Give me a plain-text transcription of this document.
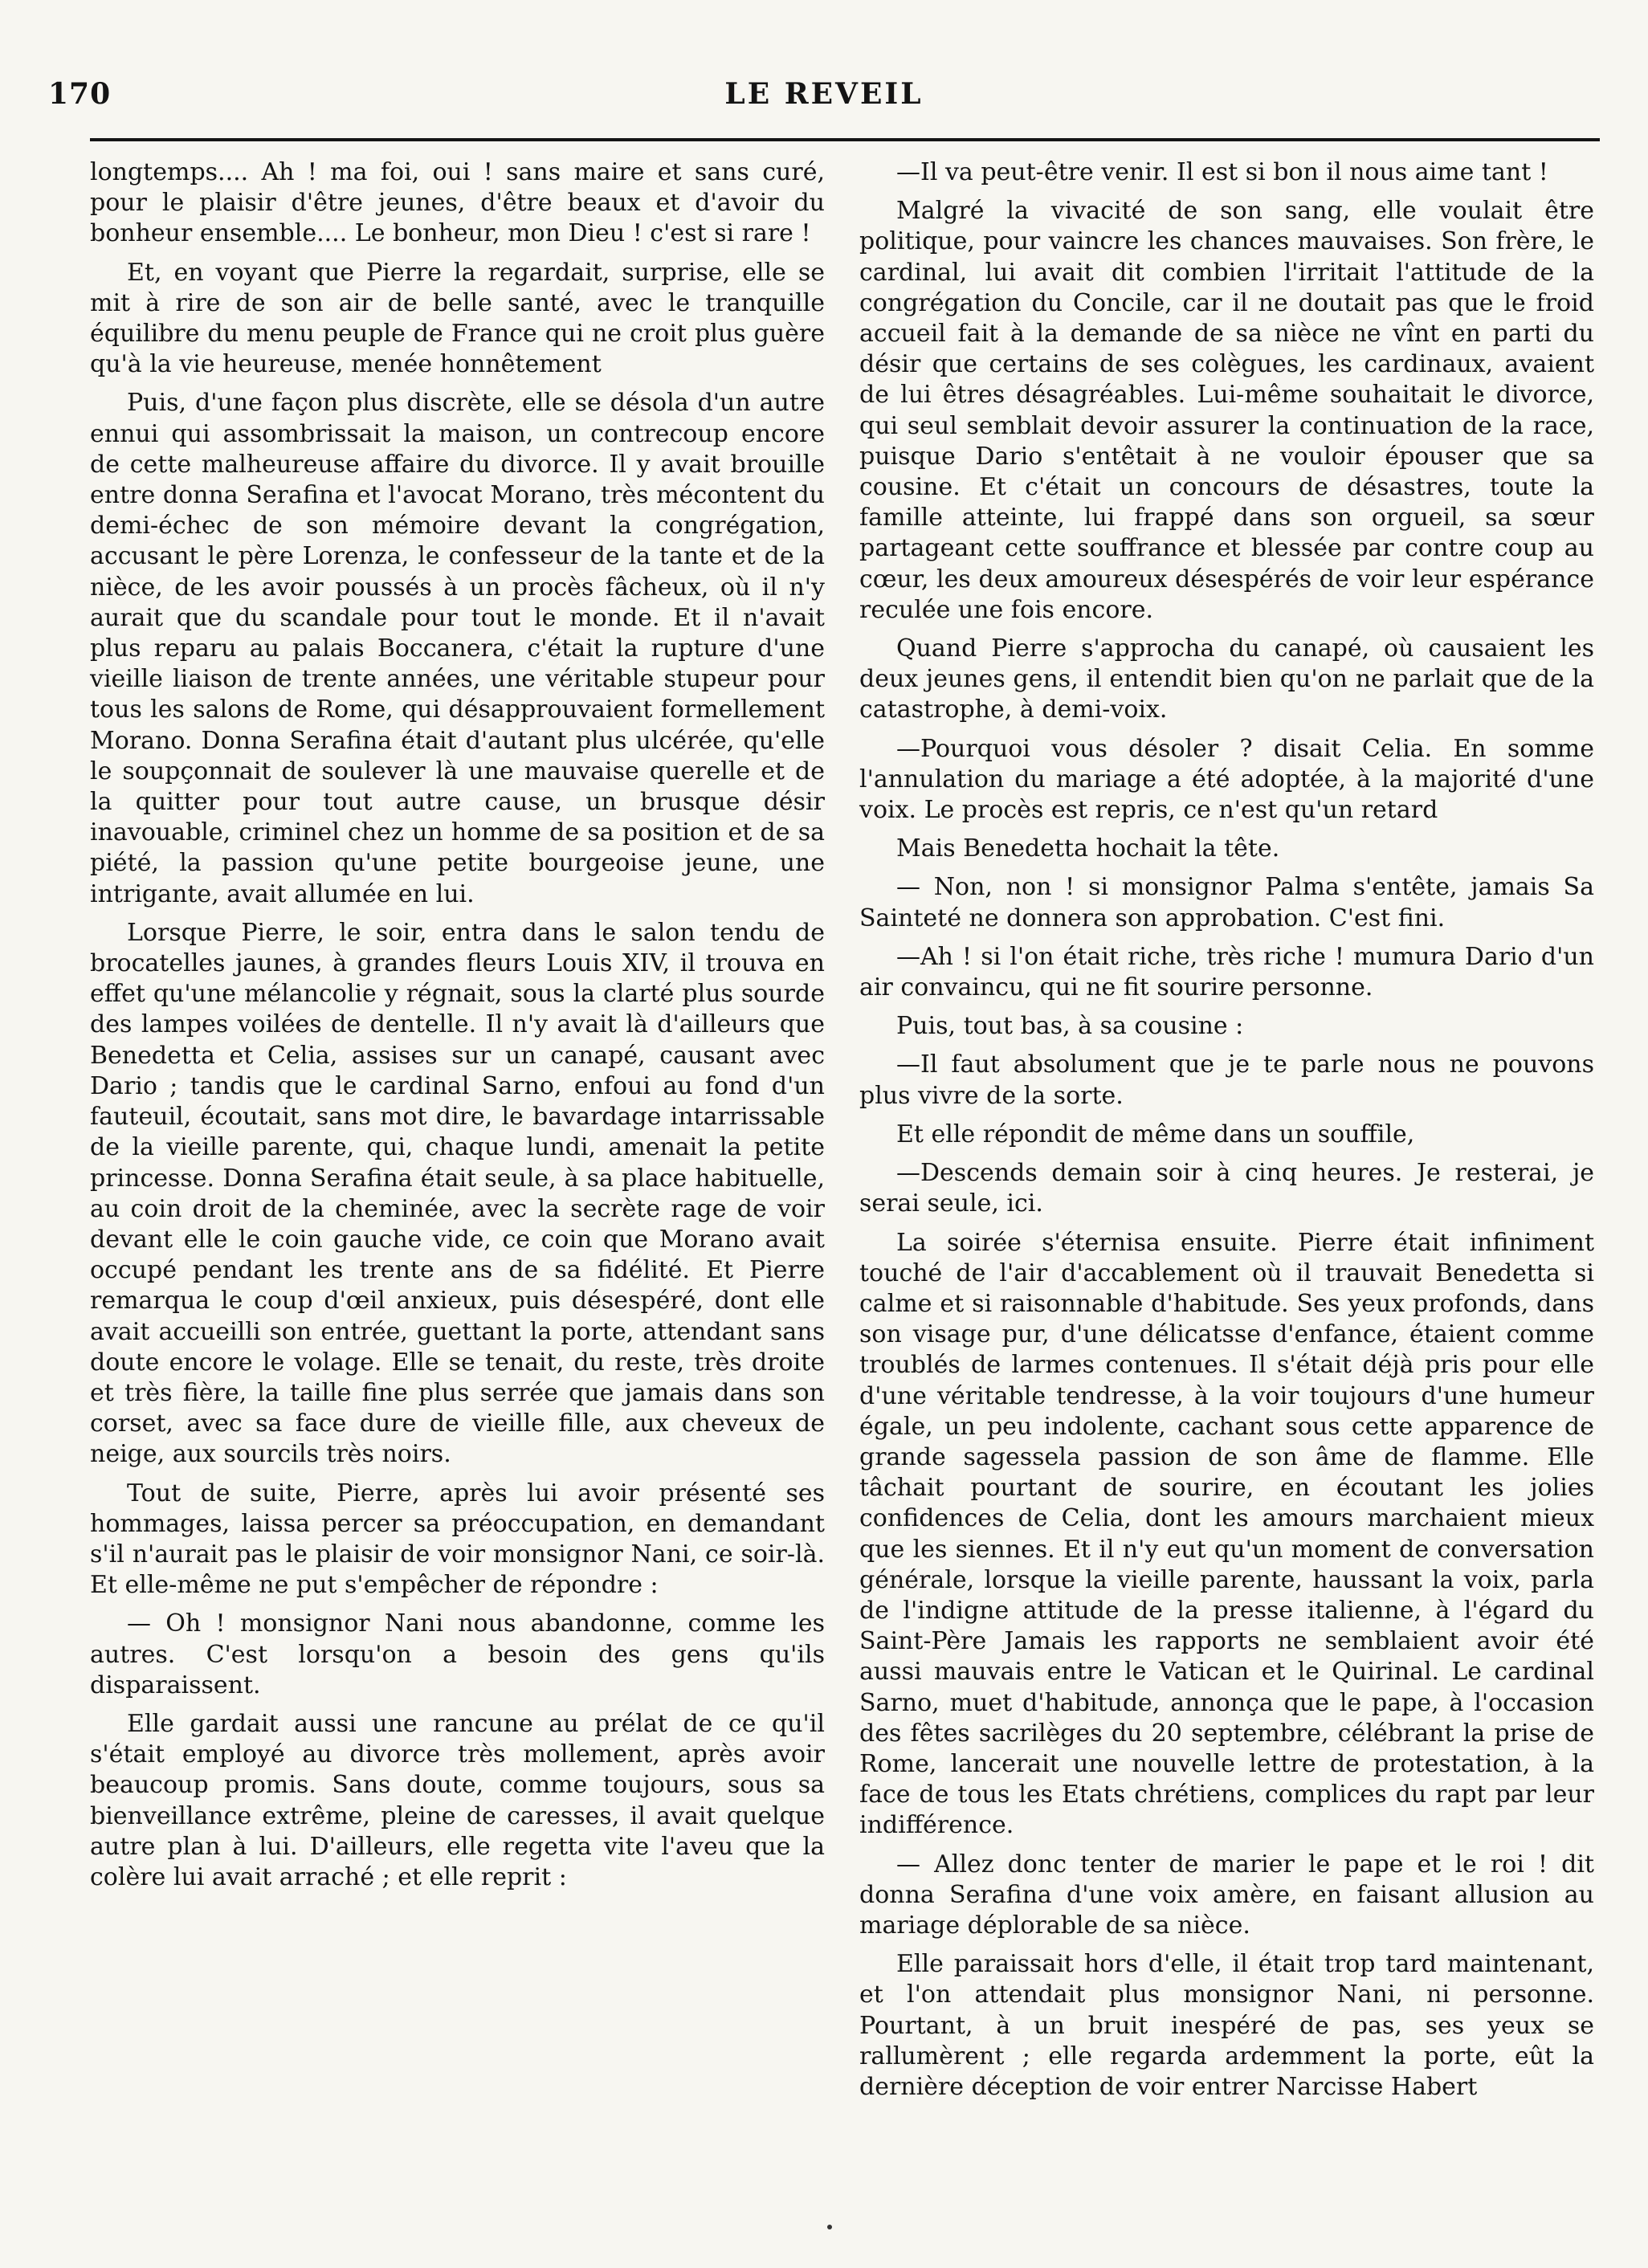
170	LE REVEIL

longtemps.... Ah ! ma foi, oui ! sans maire et sans curé, pour le plaisir d'être jeunes, d'être beaux et d'avoir du bonheur ensemble.... Le bonheur, mon Dieu ! c'est si rare !

Et, en voyant que Pierre la regardait, surprise, elle se mit à rire de son air de belle santé, avec le tranquille équilibre du menu peuple de France qui ne croit plus guère qu'à la vie heureuse, menée honnêtement

Puis, d'une façon plus discrète, elle se désola d'un autre ennui qui assombrissait la maison, un contrecoup encore de cette malheureuse affaire du divorce. Il y avait brouille entre donna Serafina et l'avocat Morano, très mécontent du demi-échec de son mémoire devant la congrégation, accusant le père Lorenza, le confesseur de la tante et de la nièce, de les avoir poussés à un procès fâcheux, où il n'y aurait que du scandale pour tout le monde. Et il n'avait plus reparu au palais Boccanera, c'était la rupture d'une vieille liaison de trente années, une véritable stupeur pour tous les salons de Rome, qui désapprouvaient formellement Morano. Donna Serafina était d'autant plus ulcérée, qu'elle le soupçonnait de soulever là une mauvaise querelle et de la quitter pour tout autre cause, un brusque désir inavouable, criminel chez un homme de sa position et de sa piété, la passion qu'une petite bourgeoise jeune, une intrigante, avait allumée en lui.

Lorsque Pierre, le soir, entra dans le salon tendu de brocatelles jaunes, à grandes fleurs Louis XIV, il trouva en effet qu'une mélancolie y régnait, sous la clarté plus sourde des lampes voilées de dentelle. Il n'y avait là d'ailleurs que Benedetta et Celia, assises sur un canapé, causant avec Dario ; tandis que le cardinal Sarno, enfoui au fond d'un fauteuil, écoutait, sans mot dire, le bavardage intarrissable de la vieille parente, qui, chaque lundi, amenait la petite princesse. Donna Serafina était seule, à sa place habituelle, au coin droit de la cheminée, avec la secrète rage de voir devant elle le coin gauche vide, ce coin que Morano avait occupé pendant les trente ans de sa fidélité. Et Pierre remarqua le coup d'œil anxieux, puis désespéré, dont elle avait accueilli son entrée, guettant la porte, attendant sans doute encore le volage. Elle se tenait, du reste, très droite et très fière, la taille fine plus serrée que jamais dans son corset, avec sa face dure de vieille fille, aux cheveux de neige, aux sourcils très noirs.

Tout de suite, Pierre, après lui avoir présenté ses hommages, laissa percer sa préoccupation, en demandant s'il n'aurait pas le plaisir de voir monsignor Nani, ce soir-là. Et elle-même ne put s'empêcher de répondre :

— Oh ! monsignor Nani nous abandonne, comme les autres. C'est lorsqu'on a besoin des gens qu'ils disparaissent.

Elle gardait aussi une rancune au prélat de ce qu'il s'était employé au divorce très mollement, après avoir beaucoup promis. Sans doute, comme toujours, sous sa bienveillance extrême, pleine de caresses, il avait quelque autre plan à lui. D'ailleurs, elle regetta vite l'aveu que la colère lui avait arraché ; et elle reprit :

—Il va peut-être venir. Il est si bon il nous aime tant !

Malgré la vivacité de son sang, elle voulait être politique, pour vaincre les chances mauvaises. Son frère, le cardinal, lui avait dit combien l'irritait l'attitude de la congrégation du Concile, car il ne doutait pas que le froid accueil fait à la demande de sa nièce ne vînt en parti du désir que certains de ses colègues, les cardinaux, avaient de lui êtres désagréables. Lui-même souhaitait le divorce, qui seul semblait devoir assurer la continuation de la race, puisque Dario s'entêtait à ne vouloir épouser que sa cousine. Et c'était un concours de désastres, toute la famille atteinte, lui frappé dans son orgueil, sa sœur partageant cette souffrance et blessée par contre coup au cœur, les deux amoureux désespérés de voir leur espérance reculée une fois encore.

Quand Pierre s'approcha du canapé, où causaient les deux jeunes gens, il entendit bien qu'on ne parlait que de la catastrophe, à demi-voix.

—Pourquoi vous désoler ? disait Celia. En somme l'annulation du mariage a été adoptée, à la majorité d'une voix. Le procès est repris, ce n'est qu'un retard

Mais Benedetta hochait la tête.

— Non, non ! si monsignor Palma s'entête, jamais Sa Sainteté ne donnera son approbation. C'est fini.

—Ah ! si l'on était riche, très riche ! mumura Dario d'un air convaincu, qui ne fit sourire personne.

Puis, tout bas, à sa cousine :

—Il faut absolument que je te parle nous ne pouvons plus vivre de la sorte.

Et elle répondit de même dans un souffile,

—Descends demain soir à cinq heures. Je resterai, je serai seule, ici.

La soirée s'éternisa ensuite. Pierre était infiniment touché de l'air d'accablement où il trauvait Benedetta si calme et si raisonnable d'habitude. Ses yeux profonds, dans son visage pur, d'une délicatsse d'enfance, étaient comme troublés de larmes contenues. Il s'était déjà pris pour elle d'une véritable tendresse, à la voir toujours d'une humeur égale, un peu indolente, cachant sous cette apparence de grande sagessela passion de son âme de flamme. Elle tâchait pourtant de sourire, en écoutant les jolies confidences de Celia, dont les amours marchaient mieux que les siennes. Et il n'y eut qu'un moment de conversation générale, lorsque la vieille parente, haussant la voix, parla de l'indigne attitude de la presse italienne, à l'égard du Saint-Père Jamais les rapports ne semblaient avoir été aussi mauvais entre le Vatican et le Quirinal. Le cardinal Sarno, muet d'habitude, annonça que le pape, à l'occasion des fêtes sacrilèges du 20 septembre, célébrant la prise de Rome, lancerait une nouvelle lettre de protestation, à la face de tous les Etats chrétiens, complices du rapt par leur indifférence.

— Allez donc tenter de marier le pape et le roi ! dit donna Serafina d'une voix amère, en faisant allusion au mariage déplorable de sa nièce.

Elle paraissait hors d'elle, il était trop tard maintenant, et l'on attendait plus monsignor Nani, ni personne. Pourtant, à un bruit inespéré de pas, ses yeux se rallumèrent ; elle regarda ardemment la porte, eût la dernière déception de voir entrer Narcisse Habert
